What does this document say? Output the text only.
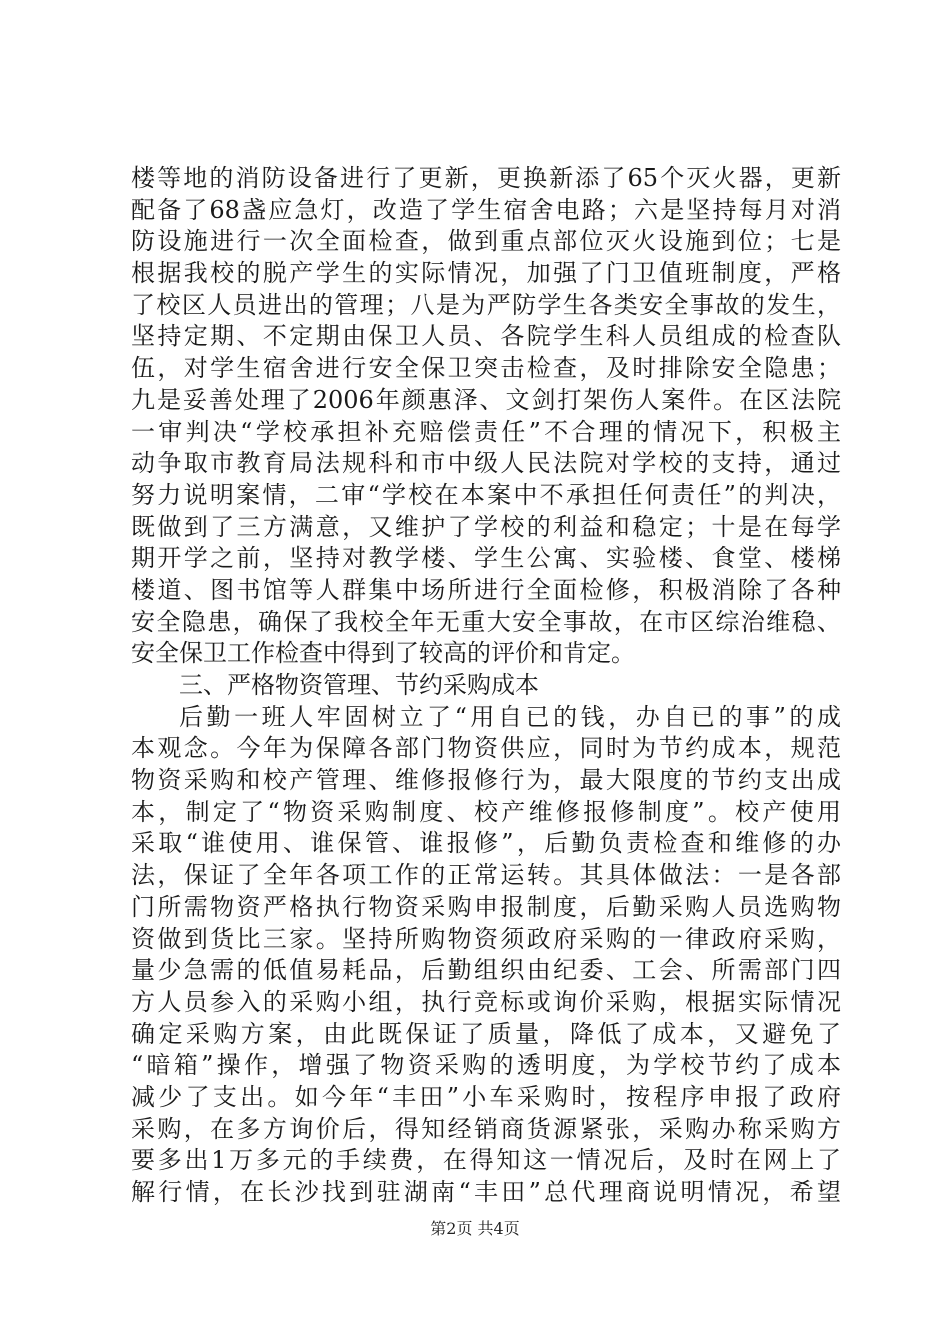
楼等地的消防设备进行了更新，更换新添了65个灭火器，更新
配备了68盏应急灯，改造了学生宿舍电路；六是坚持每月对消
防设施进行一次全面检查，做到重点部位灭火设施到位；七是
根据我校的脱产学生的实际情况，加强了门卫值班制度，严格
了校区人员进出的管理；八是为严防学生各类安全事故的发生，
坚持定期、不定期由保卫人员、各院学生科人员组成的检查队
伍，对学生宿舍进行安全保卫突击检查，及时排除安全隐患；
九是妥善处理了2006年颜惠泽、文剑打架伤人案件。在区法院
一审判决“学校承担补充赔偿责任”不合理的情况下，积极主
动争取市教育局法规科和市中级人民法院对学校的支持，通过
努力说明案情，二审“学校在本案中不承担任何责任”的判决，
既做到了三方满意，又维护了学校的利益和稳定；十是在每学
期开学之前，坚持对教学楼、学生公寓、实验楼、食堂、楼梯
楼道、图书馆等人群集中场所进行全面检修，积极消除了各种
安全隐患，确保了我校全年无重大安全事故，在市区综治维稳、
安全保卫工作检查中得到了较高的评价和肯定。
三、严格物资管理、节约采购成本
后勤一班人牢固树立了“用自已的钱，办自已的事”的成
本观念。今年为保障各部门物资供应，同时为节约成本，规范
物资采购和校产管理、维修报修行为，最大限度的节约支出成
本，制定了“物资采购制度、校产维修报修制度”。校产使用
采取“谁使用、谁保管、谁报修”，后勤负责检查和维修的办
法，保证了全年各项工作的正常运转。其具体做法：一是各部
门所需物资严格执行物资采购申报制度，后勤采购人员选购物
资做到货比三家。坚持所购物资须政府采购的一律政府采购，
量少急需的低值易耗品，后勤组织由纪委、工会、所需部门四
方人员参入的采购小组，执行竞标或询价采购，根据实际情况
确定采购方案，由此既保证了质量，降低了成本，又避免了
“暗箱”操作，增强了物资采购的透明度，为学校节约了成本
减少了支出。如今年“丰田”小车采购时，按程序申报了政府
采购，在多方询价后，得知经销商货源紧张，采购办称采购方
要多出1万多元的手续费，在得知这一情况后，及时在网上了
解行情，在长沙找到驻湖南“丰田”总代理商说明情况，希望
第2页 共4页
